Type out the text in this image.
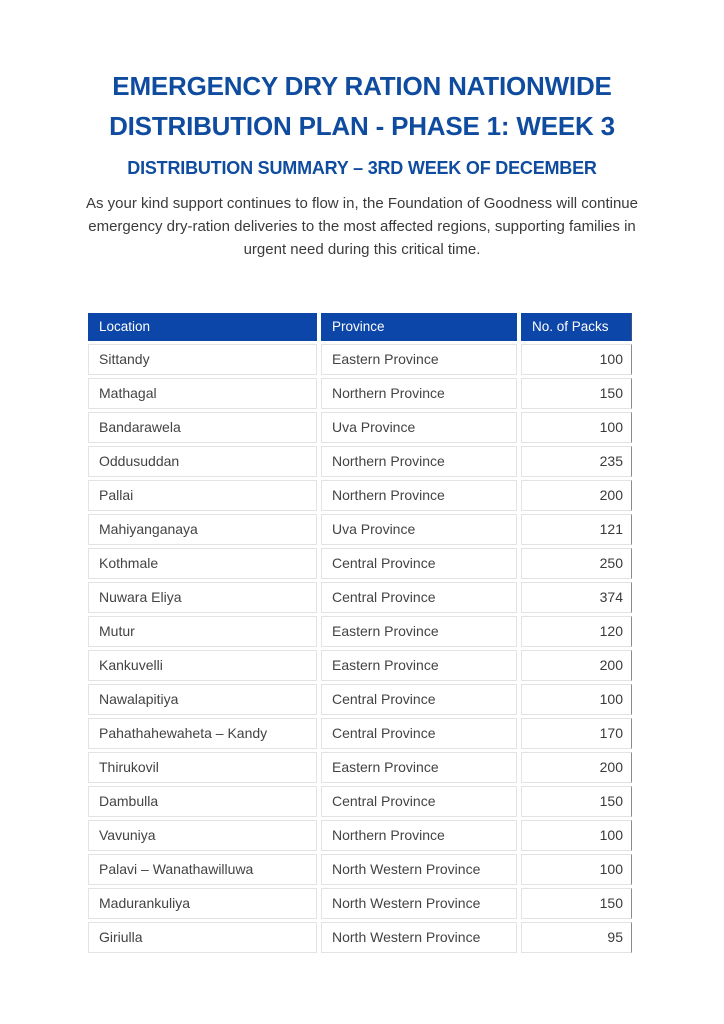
EMERGENCY DRY RATION NATIONWIDE
DISTRIBUTION PLAN - PHASE 1: WEEK 3
DISTRIBUTION SUMMARY – 3RD WEEK OF DECEMBER
As your kind support continues to flow in, the Foundation of Goodness will continue
emergency dry-ration deliveries to the most affected regions, supporting families in
urgent need during this critical time.
Location	Province	No. of Packs
Sittandy	Eastern Province	100
Mathagal	Northern Province	150
Bandarawela	Uva Province	100
Oddusuddan	Northern Province	235
Pallai	Northern Province	200
Mahiyanganaya	Uva Province	121
Kothmale	Central Province	250
Nuwara Eliya	Central Province	374
Mutur	Eastern Province	120
Kankuvelli	Eastern Province	200
Nawalapitiya	Central Province	100
Pahathahewaheta – Kandy	Central Province	170
Thirukovil	Eastern Province	200
Dambulla	Central Province	150
Vavuniya	Northern Province	100
Palavi – Wanathawilluwa	North Western Province	100
Madurankuliya	North Western Province	150
Giriulla	North Western Province	95
